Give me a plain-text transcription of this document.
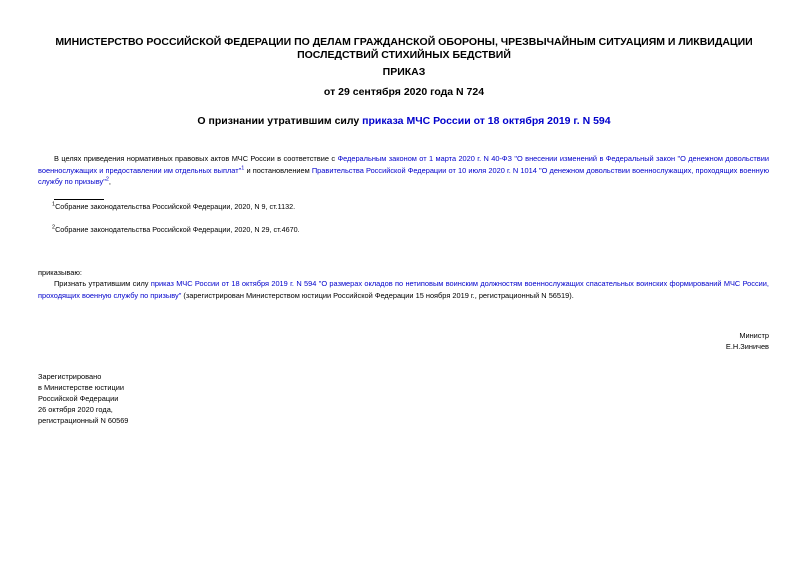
МИНИСТЕРСТВО РОССИЙСКОЙ ФЕДЕРАЦИИ ПО ДЕЛАМ ГРАЖДАНСКОЙ ОБОРОНЫ, ЧРЕЗВЫЧАЙНЫМ СИТУАЦИЯМ И ЛИКВИДАЦИИ ПОСЛЕДСТВИЙ СТИХИЙНЫХ БЕДСТВИЙ
ПРИКАЗ
от 29 сентября 2020 года N 724
О признании утратившим силу приказа МЧС России от 18 октября 2019 г. N 594
В целях приведения нормативных правовых актов МЧС России в соответствие с Федеральным законом от 1 марта 2020 г. N 40-ФЗ "О внесении изменений в Федеральный закон "О денежном довольствии военнослужащих и предоставлении им отдельных выплат"$^1$ и постановлением Правительства Российской Федерации от 10 июля 2020 г. N 1014 "О денежном довольствии военнослужащих, проходящих военную службу по призыву"$^2$,
$^1$Собрание законодательства Российской Федерации, 2020, N 9, ст.1132.
$^2$Собрание законодательства Российской Федерации, 2020, N 29, ст.4670.
приказываю:
Признать утратившим силу приказ МЧС России от 18 октября 2019 г. N 594 "О размерах окладов по нетиповым воинским должностям военнослужащих спасательных воинских формирований МЧС России, проходящих военную службу по призыву" (зарегистрирован Министерством юстиции Российской Федерации 15 ноября 2019 г., регистрационный N 56519).
Министр
Е.Н.Зиничев
Зарегистрировано
в Министерстве юстиции
Российской Федерации
26 октября 2020 года,
регистрационный N 60569
